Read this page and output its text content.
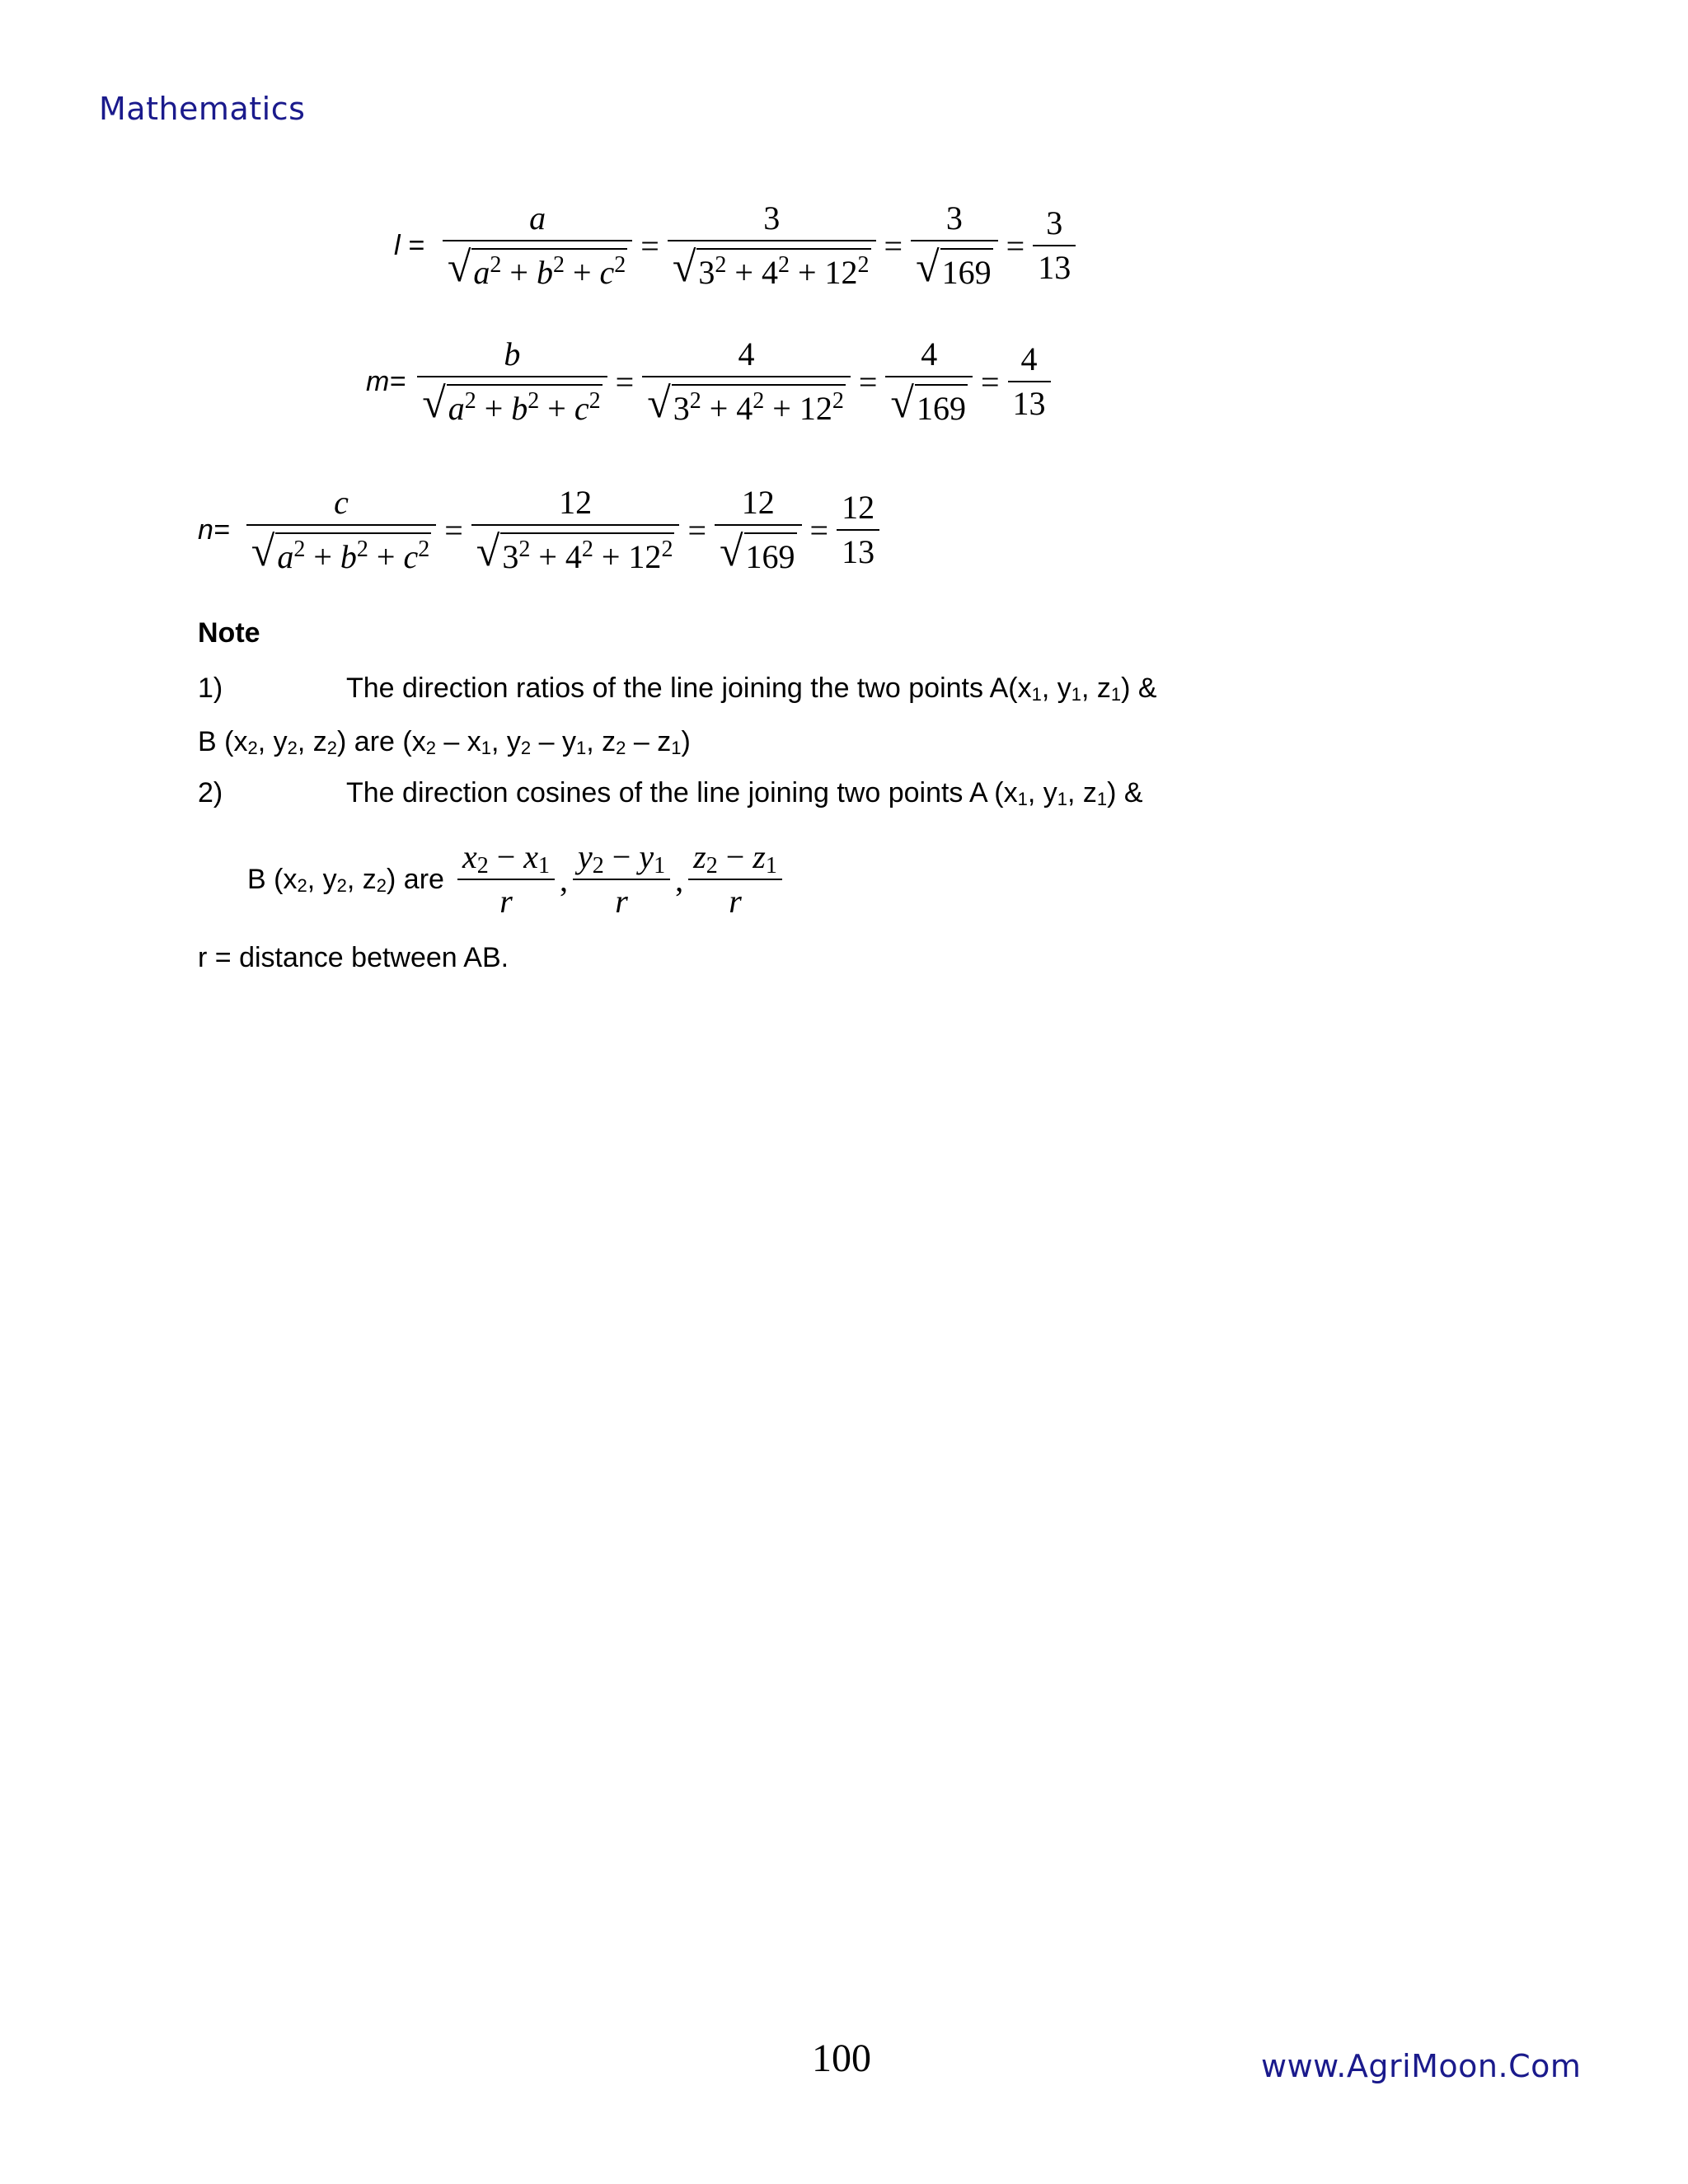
Mathematics
$l = \frac{a}{√ a^2 + b^2 + c^2} = \frac{3}{√ 3^2 + 4^2 + 12^2} = \frac{3}{√ 169} = \frac{3}{13}$
$m= \frac{b}{√ a^2 + b^2 + c^2} = \frac{4}{√ 3^2 + 4^2 + 12^2} = \frac{4}{√ 169} = \frac{4}{13}$
$n= \frac{c}{√ a^2 + b^2 + c^2} = \frac{12}{√ 3^2 + 4^2 + 12^2} = \frac{12}{√ 169} = \frac{12}{13}$
Note
1)	The direction ratios of the line joining the two points $A(x_1$, $y_1$, $z_1$) &
B ($x_2$, $y_2$, $z_2$) are ($x_2 - x_1$, $y_2 - y_1$, $z_2 - z_1$)
2)	The direction cosines of the line joining two points A ($x_1$, $y_1$, $z_1$) &
B ($x_2$, $y_2$, $z_2$) are $\frac{x_2 - x_1}{r}$ , $\frac{y_2 - y_1}{r}$ , $\frac{z_2 - z_1}{r}$
r = distance between AB.
100	www.AgriMoon.Com
